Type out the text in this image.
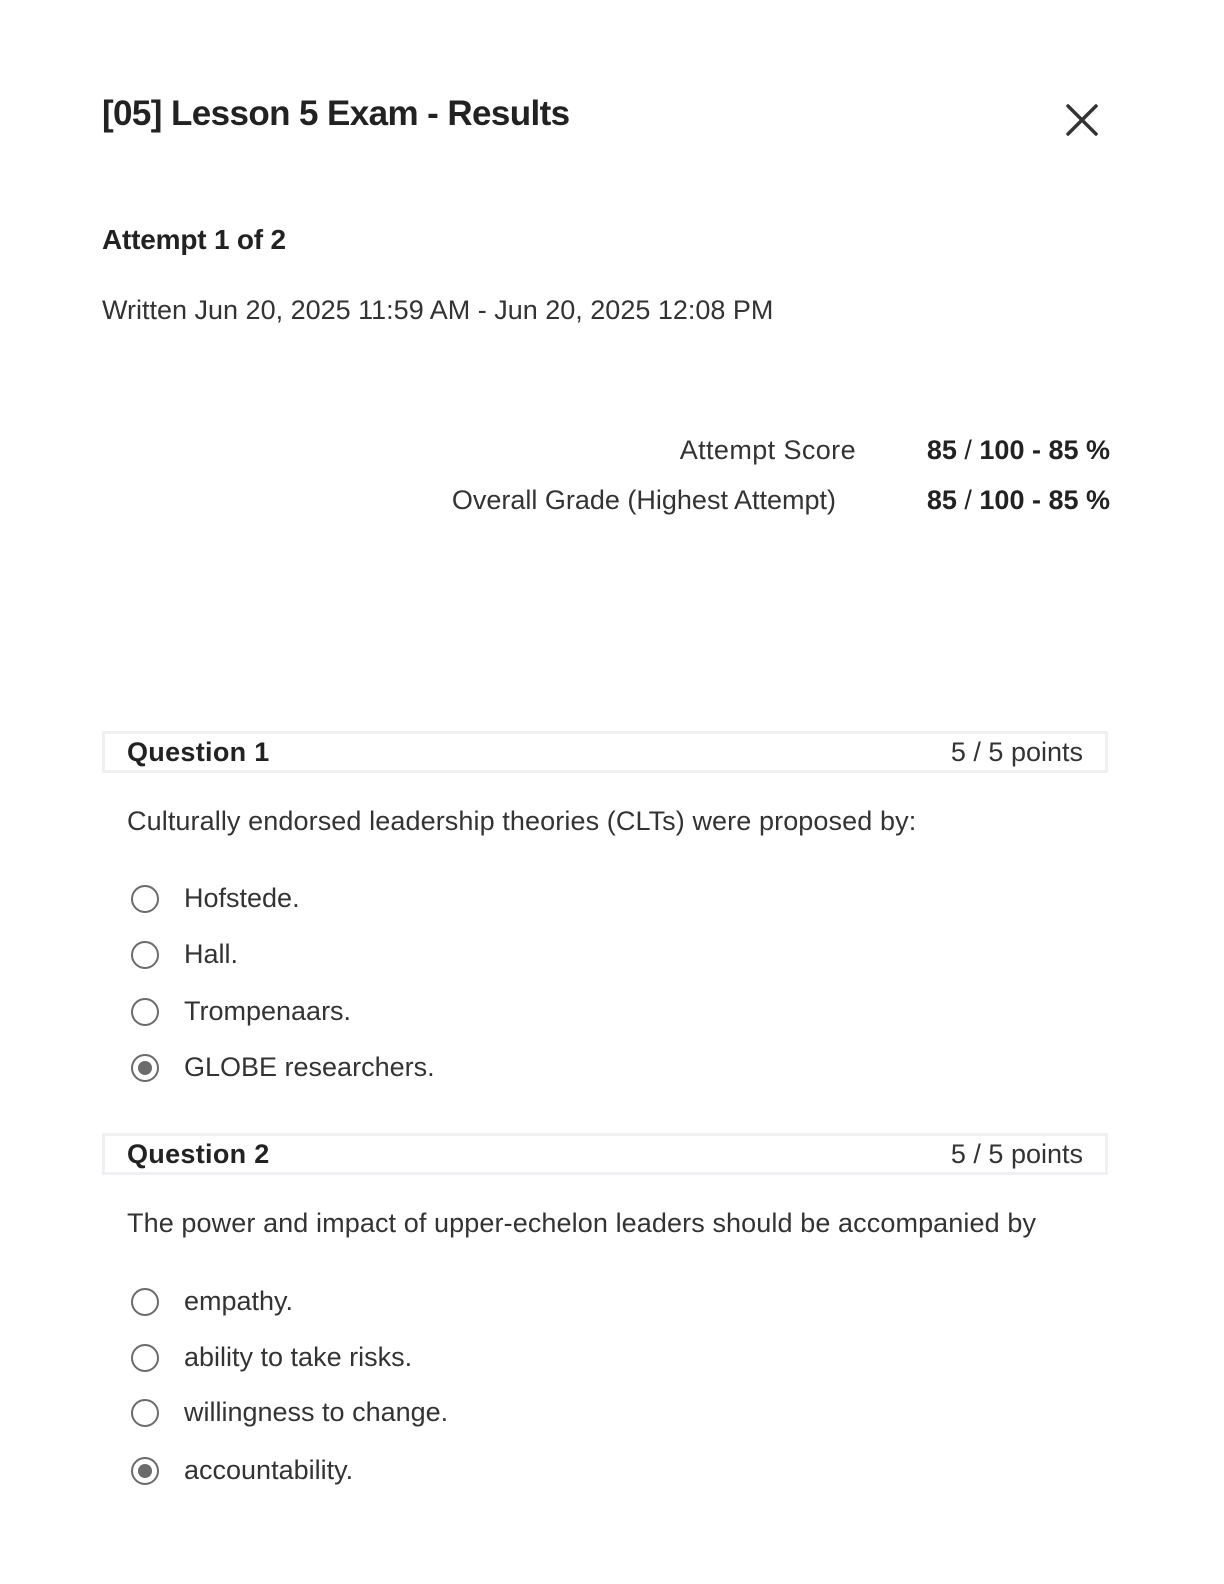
[05] Lesson 5 Exam - Results
Attempt 1 of 2
Written Jun 20, 2025 11:59 AM - Jun 20, 2025 12:08 PM
Attempt Score	85 / 100 - 85 %
Overall Grade (Highest Attempt)	85 / 100 - 85 %
Question 1	5 / 5 points
Culturally endorsed leadership theories (CLTs) were proposed by:
Hofstede.
Hall.
Trompenaars.
GLOBE researchers.
Question 2	5 / 5 points
The power and impact of upper-echelon leaders should be accompanied by
empathy.
ability to take risks.
willingness to change.
accountability.
